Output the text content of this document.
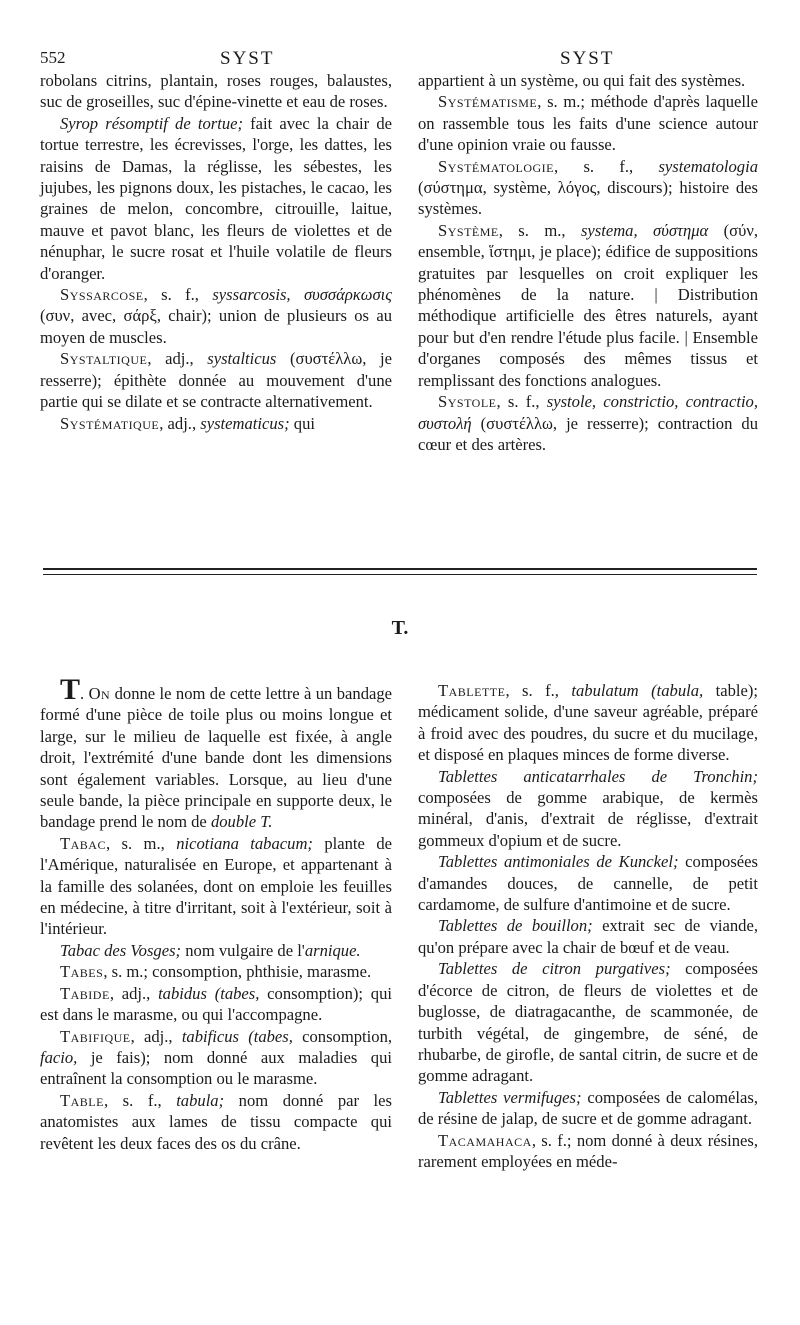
552	SYST	SYST

robolans citrins, plantain, roses rouges, balaustes, suc de groseilles, suc d'épine-vinette et eau de roses.

Syrop résomptif de tortue; fait avec la chair de tortue terrestre, les écrevisses, l'orge, les dattes, les raisins de Damas, la réglisse, les sébestes, les jujubes, les pignons doux, les pistaches, le cacao, les graines de melon, concombre, citrouille, laitue, mauve et pavot blanc, les fleurs de violettes et de nénuphar, le sucre rosat et l'huile volatile de fleurs d'oranger.

Syssarcose, s. f., syssarcosis, συσσάρκωσις (συν, avec, σάρξ, chair); union de plusieurs os au moyen de muscles.

Systaltique, adj., systalticus (συστέλλω, je resserre); épithète donnée au mouvement d'une partie qui se dilate et se contracte alternativement.

Systématique, adj., systematicus; qui

appartient à un système, ou qui fait des systèmes.

Systématisme, s. m.; méthode d'après laquelle on rassemble tous les faits d'une science autour d'une opinion vraie ou fausse.

Systématologie, s. f., systematologia (σύστημα, système, λόγος, discours); histoire des systèmes.

Système, s. m., systema, σύστημα (σύν, ensemble, ἵστημι, je place); édifice de suppositions gratuites par lesquelles on croit expliquer les phénomènes de la nature. | Distribution méthodique artificielle des êtres naturels, ayant pour but d'en rendre l'étude plus facile. | Ensemble d'organes composés des mêmes tissus et remplissant des fonctions analogues.

Systole, s. f., systole, constrictio, contractio, συστολή (συστέλλω, je resserre); contraction du cœur et des artères.

T.

T. On donne le nom de cette lettre à un bandage formé d'une pièce de toile plus ou moins longue et large, sur le milieu de laquelle est fixée, à angle droit, l'extrémité d'une bande dont les dimensions sont également variables. Lorsque, au lieu d'une seule bande, la pièce principale en supporte deux, le bandage prend le nom de double T.

Tabac, s. m., nicotiana tabacum; plante de l'Amérique, naturalisée en Europe, et appartenant à la famille des solanées, dont on emploie les feuilles en médecine, à titre d'irritant, soit à l'extérieur, soit à l'intérieur.

Tabac des Vosges; nom vulgaire de l'arnique.

Tabes, s. m.; consomption, phthisie, marasme.

Tabide, adj., tabidus (tabes, consomption); qui est dans le marasme, ou qui l'accompagne.

Tabifique, adj., tabificus (tabes, consomption, facio, je fais); nom donné aux maladies qui entraînent la consomption ou le marasme.

Table, s. f., tabula; nom donné par les anatomistes aux lames de tissu compacte qui revêtent les deux faces des os du crâne.

Tablette, s. f., tabulatum (tabula, table); médicament solide, d'une saveur agréable, préparé à froid avec des poudres, du sucre et du mucilage, et disposé en plaques minces de forme diverse.

Tablettes anticatarrhales de Tronchin; composées de gomme arabique, de kermès minéral, d'anis, d'extrait de réglisse, d'extrait gommeux d'opium et de sucre.

Tablettes antimoniales de Kunckel; composées d'amandes douces, de cannelle, de petit cardamome, de sulfure d'antimoine et de sucre.

Tablettes de bouillon; extrait sec de viande, qu'on prépare avec la chair de bœuf et de veau.

Tablettes de citron purgatives; composées d'écorce de citron, de fleurs de violettes et de buglosse, de diatragacanthe, de scammonée, de turbith végétal, de gingembre, de séné, de rhubarbe, de girofle, de santal citrin, de sucre et de gomme adragant.

Tablettes vermifuges; composées de calomélas, de résine de jalap, de sucre et de gomme adragant.

Tacamahaca, s. f.; nom donné à deux résines, rarement employées en méde-
